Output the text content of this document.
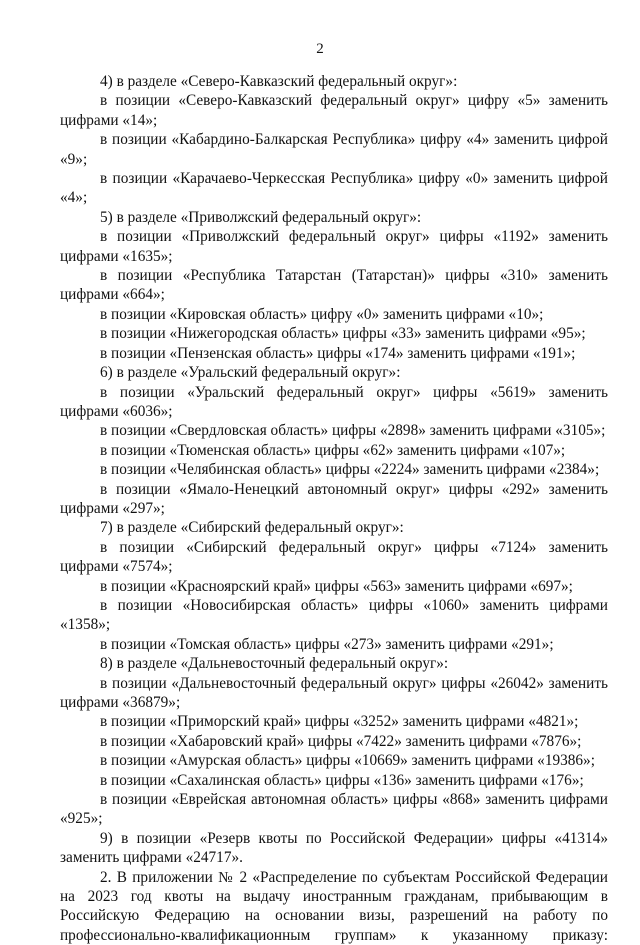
2

4) в разделе «Северо-Кавказский федеральный округ»:

в позиции «Северо-Кавказский федеральный округ» цифру «5» заменить цифрами «14»;

в позиции «Кабардино-Балкарская Республика» цифру «4» заменить цифрой «9»;

в позиции «Карачаево-Черкесская Республика» цифру «0» заменить цифрой «4»;

5) в разделе «Приволжский федеральный округ»:

в позиции «Приволжский федеральный округ» цифры «1192» заменить цифрами «1635»;

в позиции «Республика Татарстан (Татарстан)» цифры «310» заменить цифрами «664»;

в позиции «Кировская область» цифру «0» заменить цифрами «10»;

в позиции «Нижегородская область» цифры «33» заменить цифрами «95»;

в позиции «Пензенская область» цифры «174» заменить цифрами «191»;

6) в разделе «Уральский федеральный округ»:

в позиции «Уральский федеральный округ» цифры «5619» заменить цифрами «6036»;

в позиции «Свердловская область» цифры «2898» заменить цифрами «3105»;

в позиции «Тюменская область» цифры «62» заменить цифрами «107»;

в позиции «Челябинская область» цифры «2224» заменить цифрами «2384»;

в позиции «Ямало-Ненецкий автономный округ» цифры «292» заменить цифрами «297»;

7) в разделе «Сибирский федеральный округ»:

в позиции «Сибирский федеральный округ» цифры «7124» заменить цифрами «7574»;

в позиции «Красноярский край» цифры «563» заменить цифрами «697»;

в позиции «Новосибирская область» цифры «1060» заменить цифрами «1358»;

в позиции «Томская область» цифры «273» заменить цифрами «291»;

8) в разделе «Дальневосточный федеральный округ»:

в позиции «Дальневосточный федеральный округ» цифры «26042» заменить цифрами «36879»;

в позиции «Приморский край» цифры «3252» заменить цифрами «4821»;

в позиции «Хабаровский край» цифры «7422» заменить цифрами «7876»;

в позиции «Амурская область» цифры «10669» заменить цифрами «19386»;

в позиции «Сахалинская область» цифры «136» заменить цифрами «176»;

в позиции «Еврейская автономная область» цифры «868» заменить цифрами «925»;

9) в позиции «Резерв квоты по Российской Федерации» цифры «41314» заменить цифрами «24717».

2. В приложении № 2 «Распределение по субъектам Российской Федерации на 2023 год квоты на выдачу иностранным гражданам, прибывающим в Российскую Федерацию на основании визы, разрешений на работу по профессионально-квалификационным группам» к указанному приказу:
